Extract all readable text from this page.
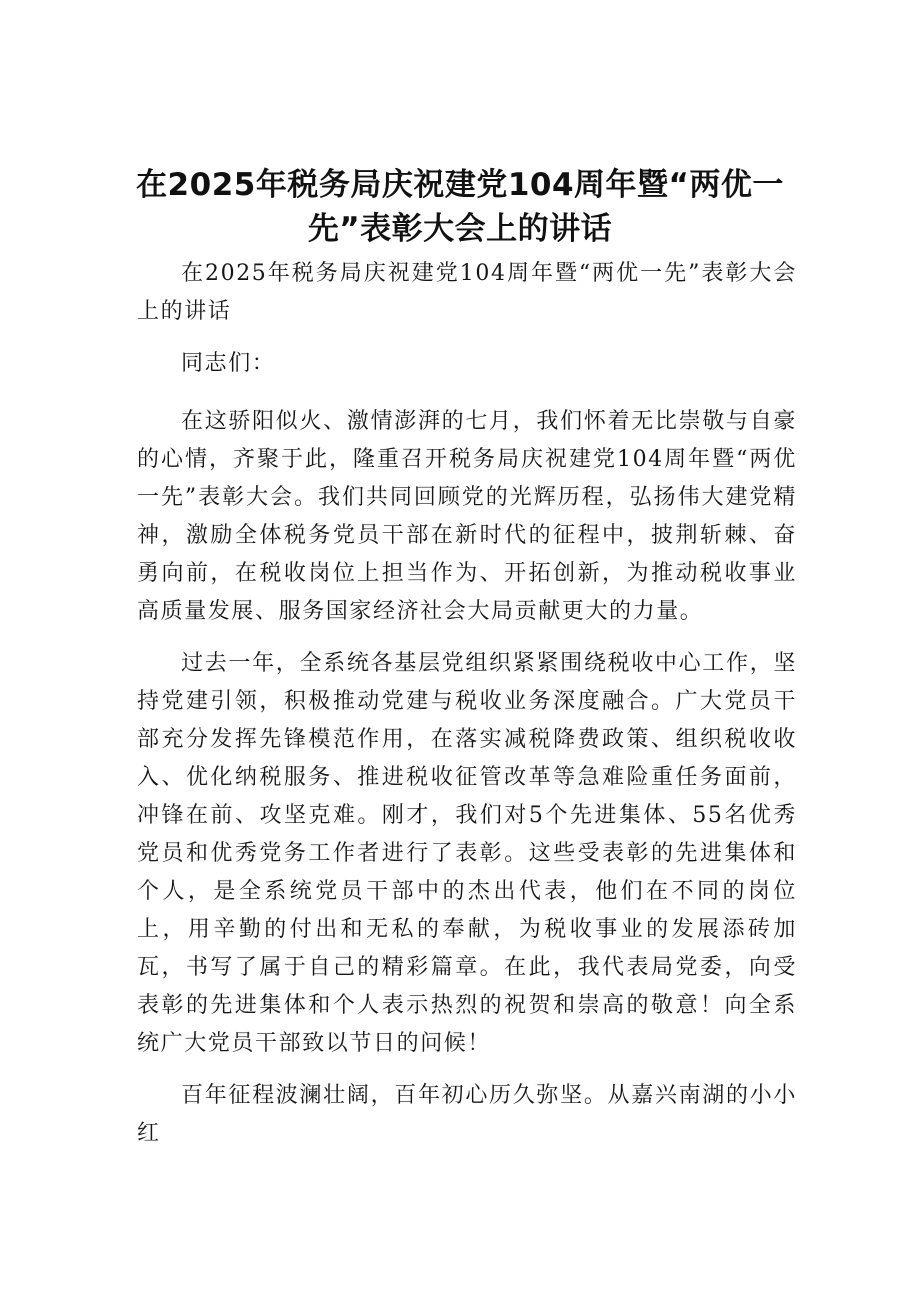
在2025年税务局庆祝建党104周年暨“两优一先”表彰大会上的讲话

在2025年税务局庆祝建党104周年暨“两优一先”表彰大会上的讲话

同志们：

在这骄阳似火、激情澎湃的七月，我们怀着无比崇敬与自豪的心情，齐聚于此，隆重召开税务局庆祝建党104周年暨“两优一先”表彰大会。我们共同回顾党的光辉历程，弘扬伟大建党精神，激励全体税务党员干部在新时代的征程中，披荆斩棘、奋勇向前，在税收岗位上担当作为、开拓创新，为推动税收事业高质量发展、服务国家经济社会大局贡献更大的力量。

过去一年，全系统各基层党组织紧紧围绕税收中心工作，坚持党建引领，积极推动党建与税收业务深度融合。广大党员干部充分发挥先锋模范作用，在落实减税降费政策、组织税收收入、优化纳税服务、推进税收征管改革等急难险重任务面前，冲锋在前、攻坚克难。刚才，我们对5个先进集体、55名优秀党员和优秀党务工作者进行了表彰。这些受表彰的先进集体和个人，是全系统党员干部中的杰出代表，他们在不同的岗位上，用辛勤的付出和无私的奉献，为税收事业的发展添砖加瓦，书写了属于自己的精彩篇章。在此，我代表局党委，向受表彰的先进集体和个人表示热烈的祝贺和崇高的敬意！向全系统广大党员干部致以节日的问候！

百年征程波澜壮阔，百年初心历久弥坚。从嘉兴南湖的小小红
